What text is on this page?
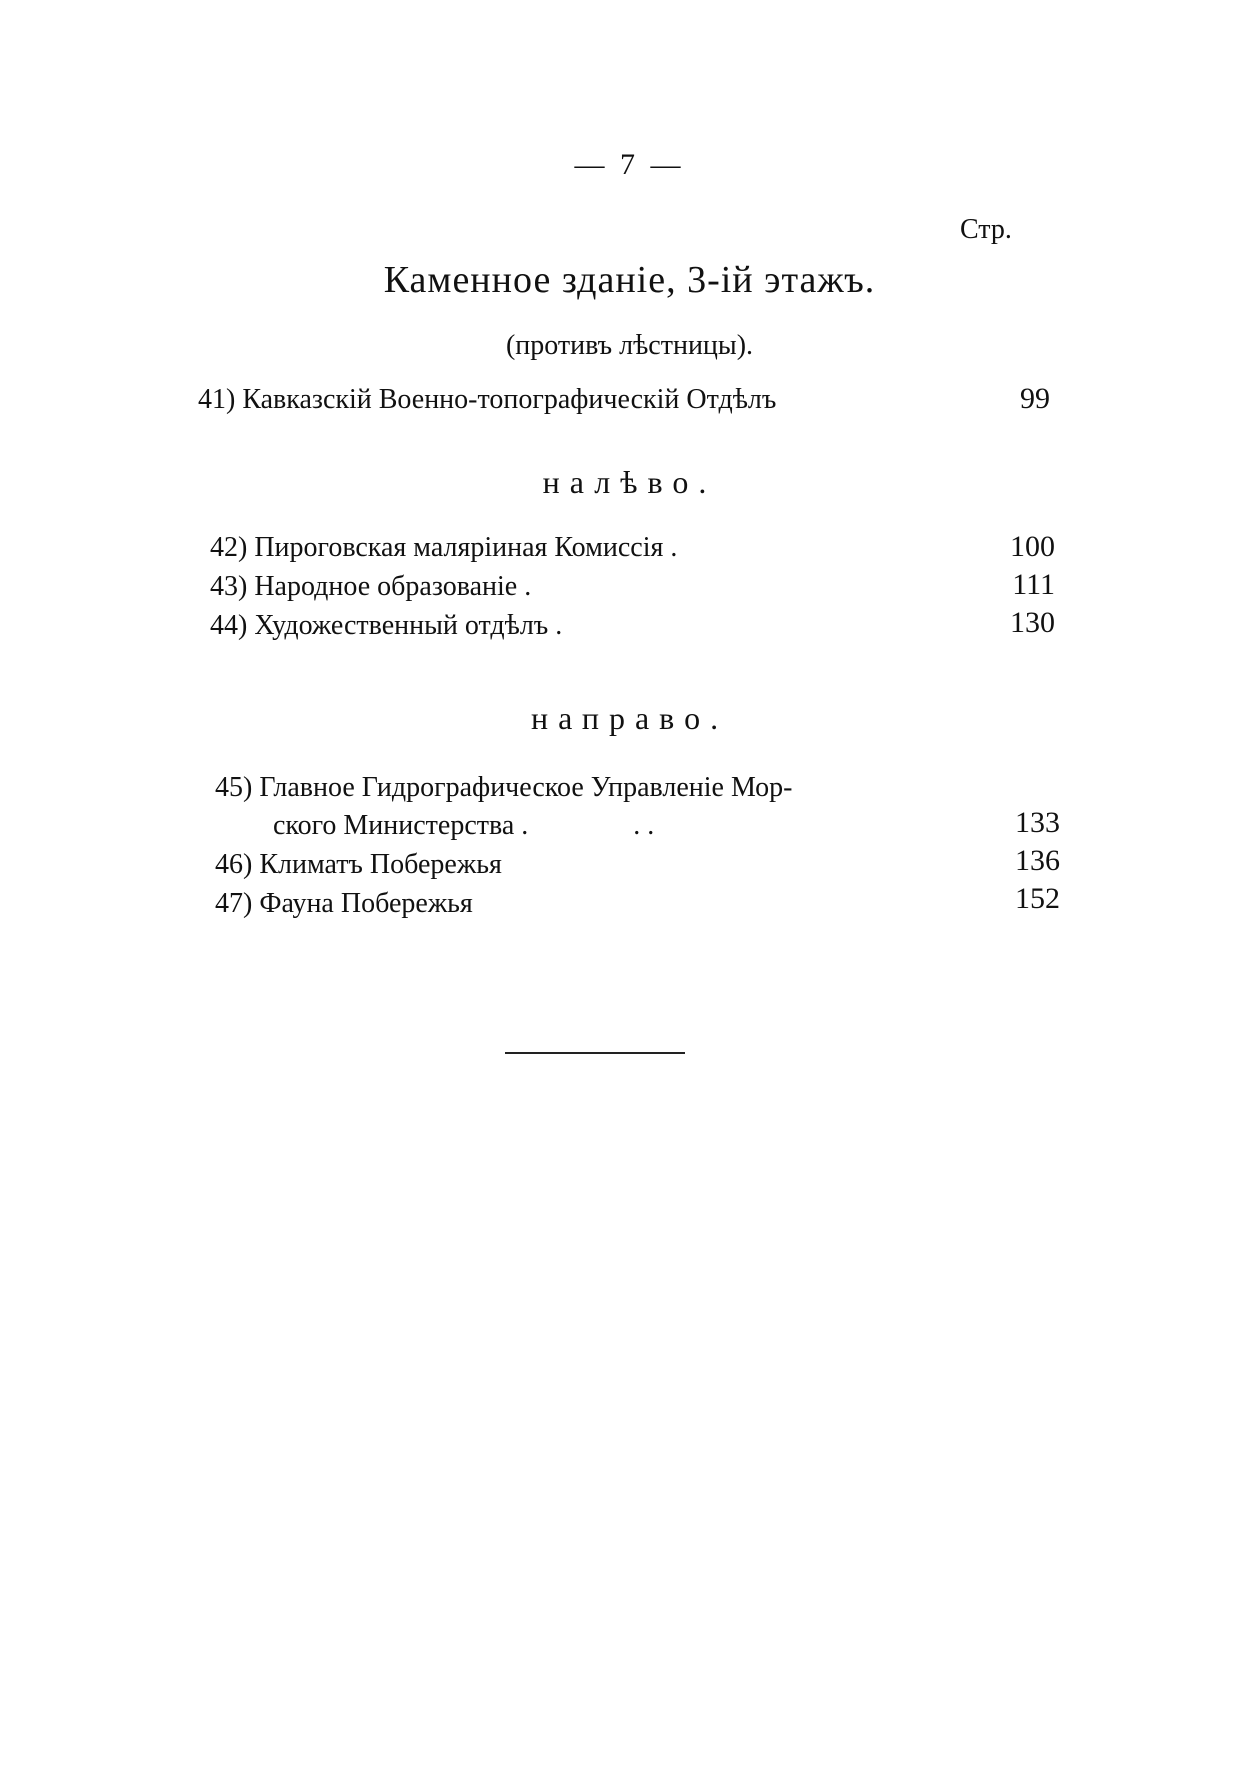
— 7 —
Стр.
Каменное зданіе, 3-ій этажъ.
(противъ лѣстницы).
41) Кавказскій Военно-топографическій Отдѣлъ	99
налѣво.
42) Пироговская маляріиная Комиссія .	100
43) Народное образованіе .	111
44) Художественный отдѣлъ .	130
направо.
45) Главное Гидрографическое Управленіе Мор-
ского Министерства .               . .	133
46) Климатъ Побережья	136
47) Фауна Побережья	152
